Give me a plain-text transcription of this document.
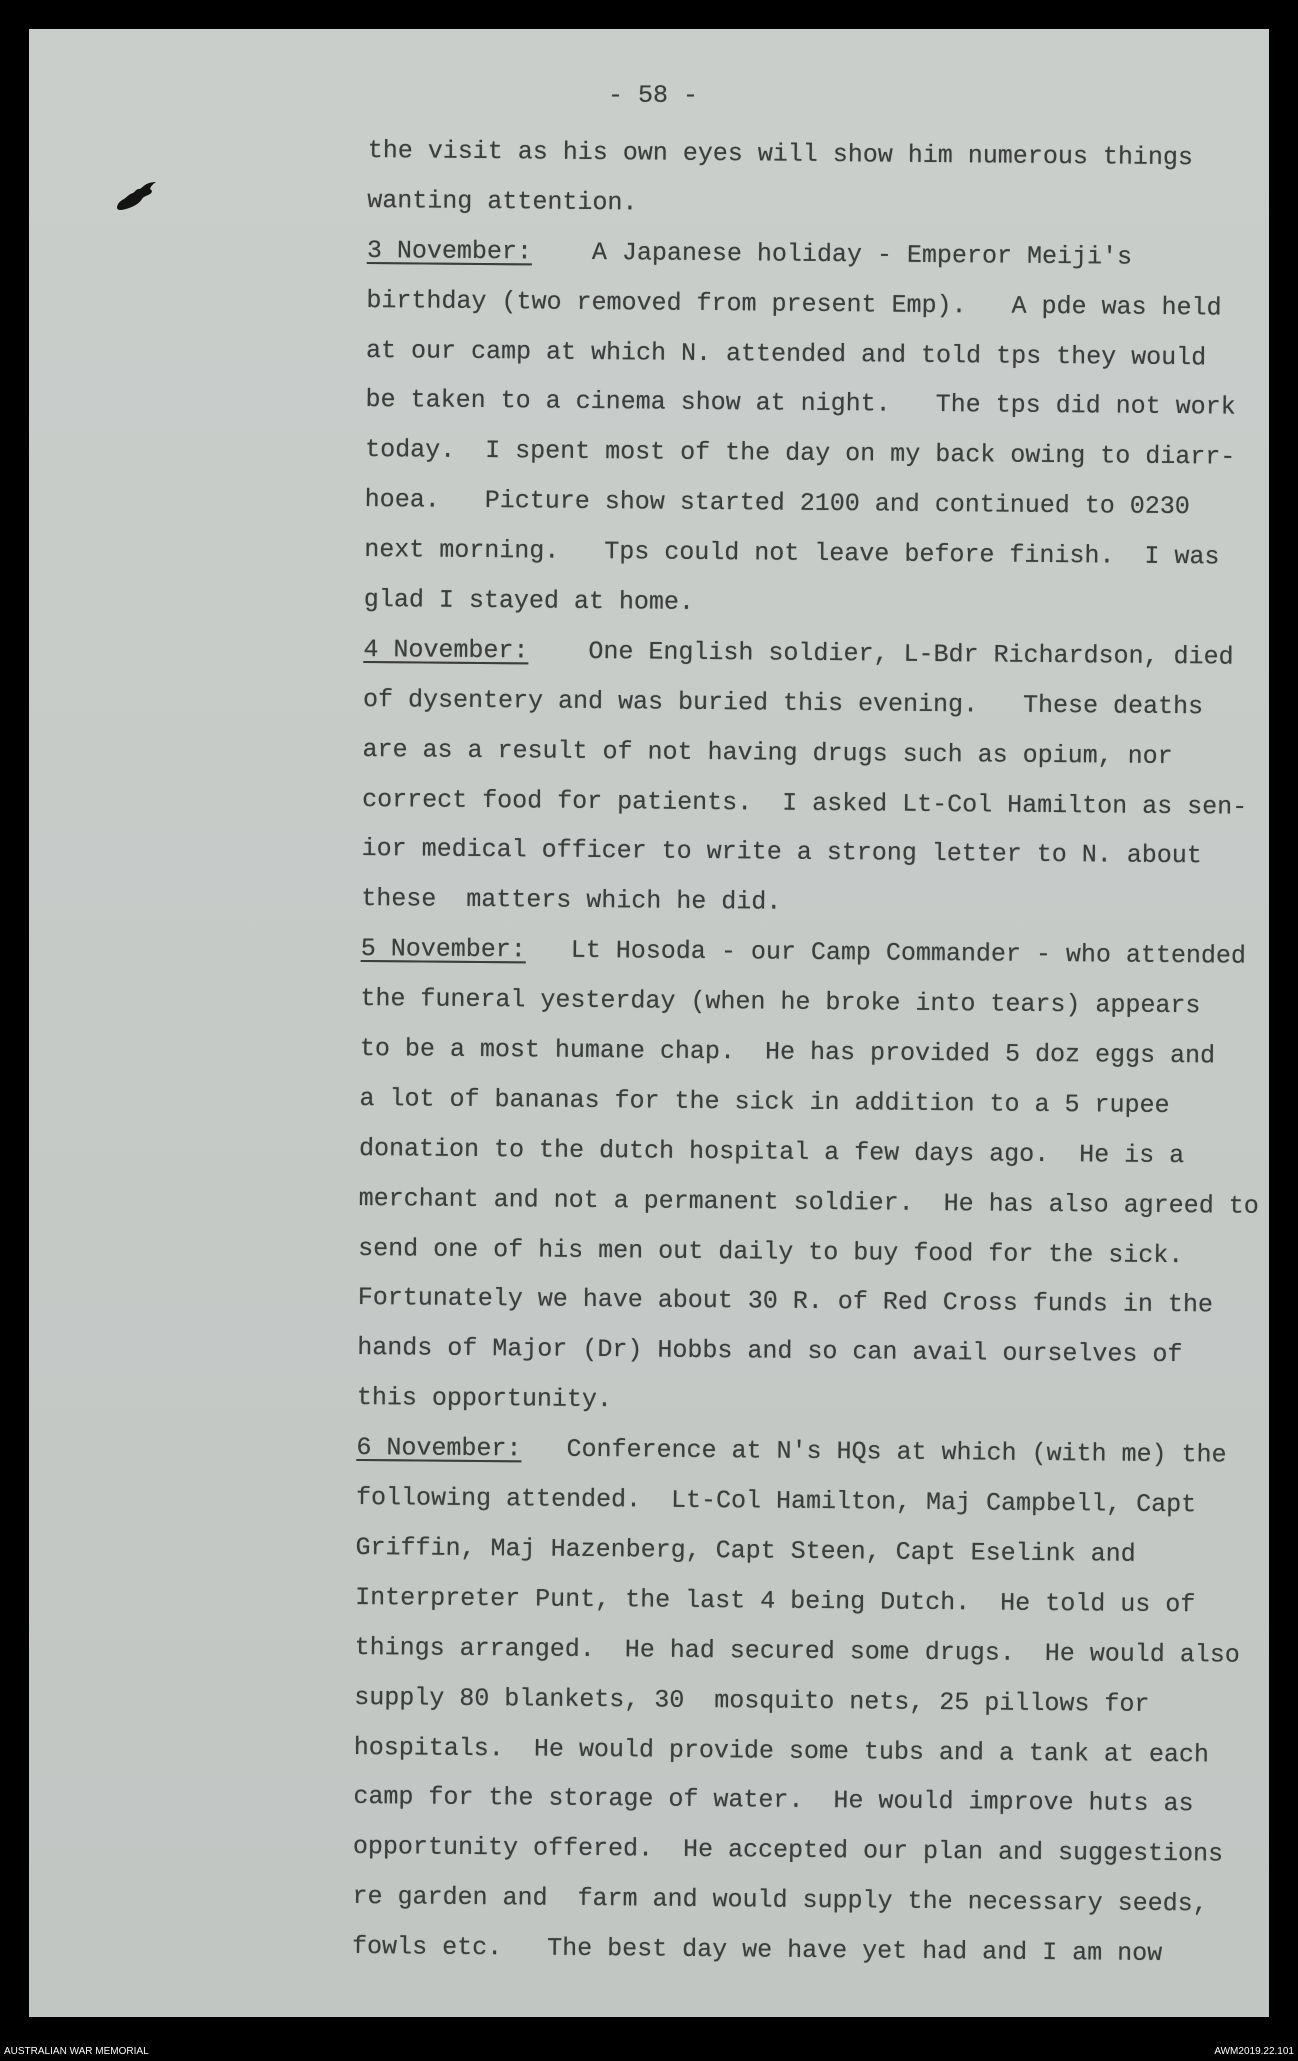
- 58 -
the visit as his own eyes will show him numerous things
wanting attention.
3 November:    A Japanese holiday - Emperor Meiji's
birthday (two removed from present Emp).   A pde was held
at our camp at which N. attended and told tps they would
be taken to a cinema show at night.   The tps did not work
today.  I spent most of the day on my back owing to diarr-
hoea.   Picture show started 2100 and continued to 0230
next morning.   Tps could not leave before finish.  I was
glad I stayed at home.
4 November:    One English soldier, L-Bdr Richardson, died
of dysentery and was buried this evening.   These deaths
are as a result of not having drugs such as opium, nor
correct food for patients.  I asked Lt-Col Hamilton as sen-
ior medical officer to write a strong letter to N. about
these  matters which he did.
5 November:   Lt Hosoda - our Camp Commander - who attended
the funeral yesterday (when he broke into tears) appears
to be a most humane chap.  He has provided 5 doz eggs and
a lot of bananas for the sick in addition to a 5 rupee
donation to the dutch hospital a few days ago.  He is a
merchant and not a permanent soldier.  He has also agreed to
send one of his men out daily to buy food for the sick.
Fortunately we have about 30 R. of Red Cross funds in the
hands of Major (Dr) Hobbs and so can avail ourselves of
this opportunity.
6 November:   Conference at N's HQs at which (with me) the
following attended.  Lt-Col Hamilton, Maj Campbell, Capt
Griffin, Maj Hazenberg, Capt Steen, Capt Eselink and
Interpreter Punt, the last 4 being Dutch.  He told us of
things arranged.  He had secured some drugs.  He would also
supply 80 blankets, 30  mosquito nets, 25 pillows for
hospitals.  He would provide some tubs and a tank at each
camp for the storage of water.  He would improve huts as
opportunity offered.  He accepted our plan and suggestions
re garden and  farm and would supply the necessary seeds,
fowls etc.   The best day we have yet had and I am now
AUSTRALIAN WAR MEMORIAL	AWM2019.22.101
